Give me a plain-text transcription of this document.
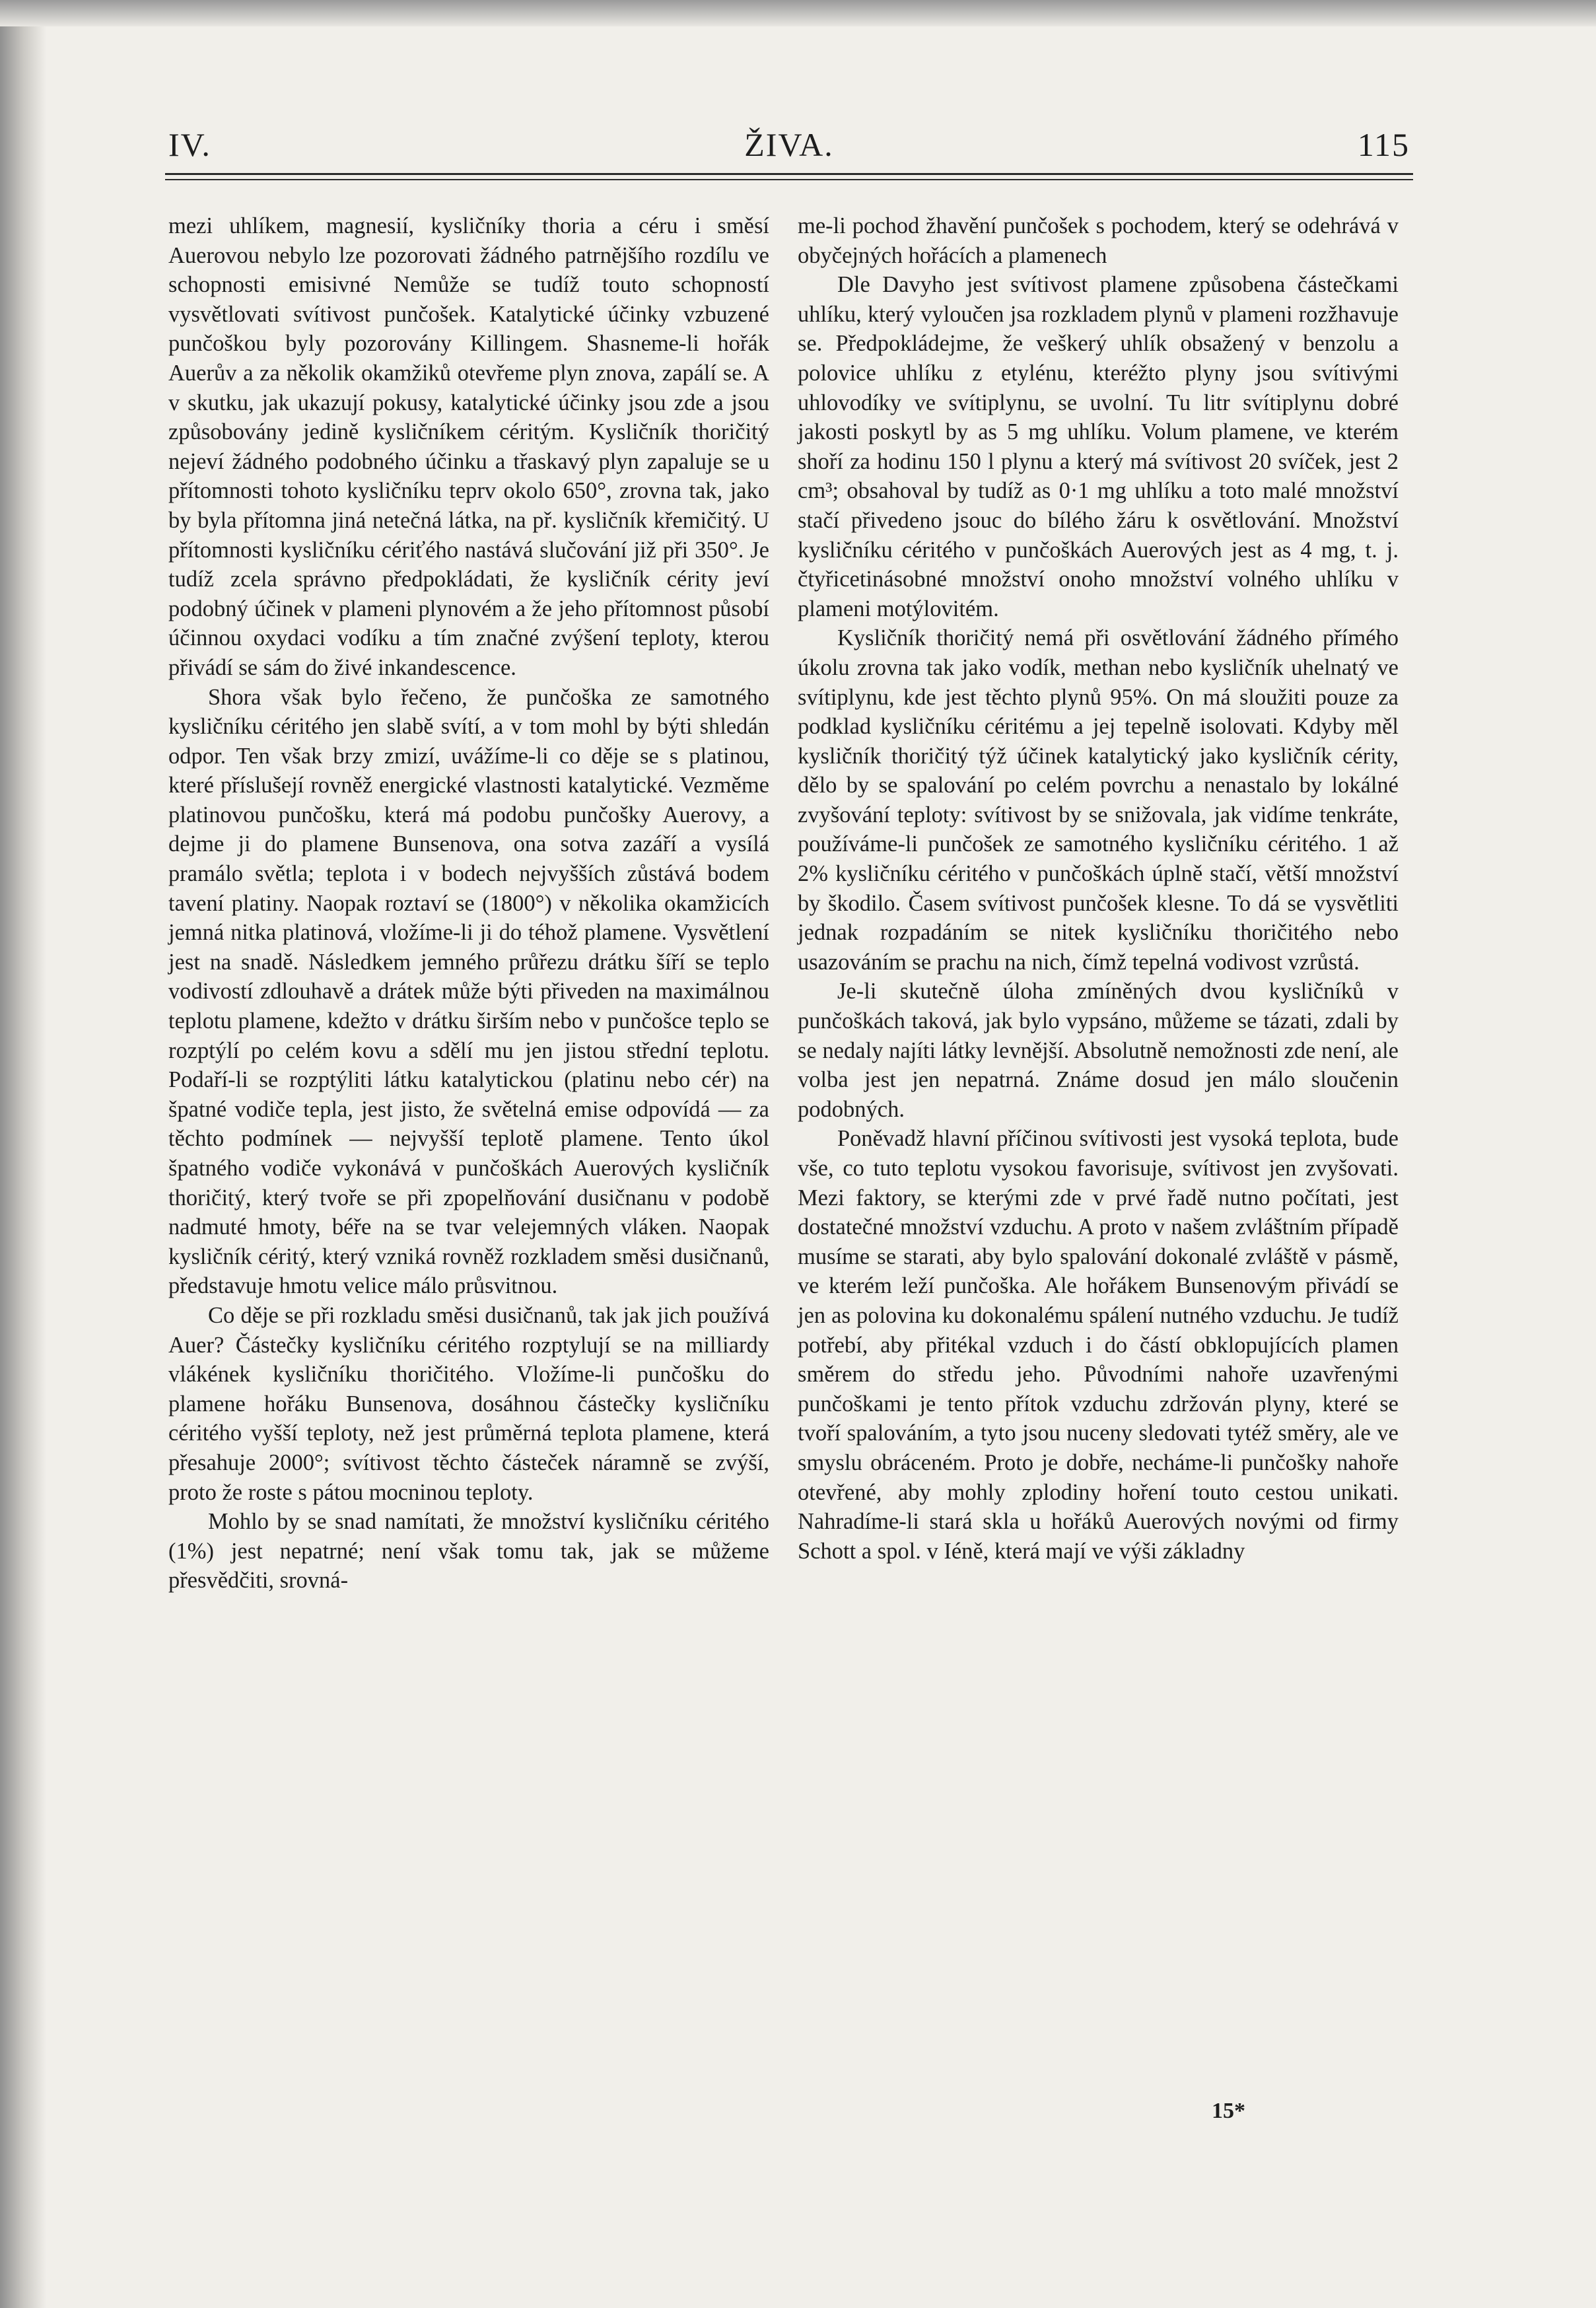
IV.	ŽIVA.	115

mezi uhlíkem, magnesií, kysličníky thoria a céru i směsí Auerovou nebylo lze pozorovati žádného patrnějšího rozdílu ve schopnosti emisivné Nemůže se tudíž touto schopností vysvětlovati svítivost punčošek. Katalytické účinky vzbuzené punčoškou byly pozorovány Killingem. Shasneme-li hořák Auerův a za několik okamžiků otevřeme plyn znova, zapálí se. A v skutku, jak ukazují pokusy, katalytické účinky jsou zde a jsou způsobovány jedině kysličníkem céritým. Kysličník thoričitý nejeví žádného podobného účinku a třaskavý plyn zapaluje se u přítomnosti tohoto kysličníku teprv okolo 650°, zrovna tak, jako by byla přítomna jiná netečná látka, na př. kysličník křemičitý. U přítomnosti kysličníku cériťého nastává slučování již při 350°. Je tudíž zcela správno předpokládati, že kysličník cérity jeví podobný účinek v plameni plynovém a že jeho přítomnost působí účinnou oxydaci vodíku a tím značné zvýšení teploty, kterou přivádí se sám do živé inkandescence.

Shora však bylo řečeno, že punčoška ze samotného kysličníku céritého jen slabě svítí, a v tom mohl by býti shledán odpor. Ten však brzy zmizí, uvážíme-li co děje se s platinou, které příslušejí rovněž energické vlastnosti katalytické. Vezměme platinovou punčošku, která má podobu punčošky Auerovy, a dejme ji do plamene Bunsenova, ona sotva zazáří a vysílá pramálo světla; teplota i v bodech nejvyšších zůstává bodem tavení platiny. Naopak roztaví se (1800°) v několika okamžicích jemná nitka platinová, vložíme-li ji do téhož plamene. Vysvětlení jest na snadě. Následkem jemného průřezu drátku šíří se teplo vodivostí zdlouhavě a drátek může býti přiveden na maximálnou teplotu plamene, kdežto v drátku širším nebo v punčošce teplo se rozptýlí po celém kovu a sdělí mu jen jistou střední teplotu. Podaří-li se rozptýliti látku katalytickou (platinu nebo cér) na špatné vodiče tepla, jest jisto, že světelná emise odpovídá — za těchto podmínek — nejvyšší teplotě plamene. Tento úkol špatného vodiče vykonává v punčoškách Auerových kysličník thoričitý, který tvoře se při zpopelňování dusičnanu v podobě nadmuté hmoty, béře na se tvar velejemných vláken. Naopak kysličník céritý, který vzniká rovněž rozkladem směsi dusičnanů, představuje hmotu velice málo průsvitnou.

Co děje se při rozkladu směsi dusičnanů, tak jak jich používá Auer? Částečky kysličníku céritého rozptylují se na milliardy vlákének kysličníku thoričitého. Vložíme-li punčošku do plamene hořáku Bunsenova, dosáhnou částečky kysličníku céritého vyšší teploty, než jest průměrná teplota plamene, která přesahuje 2000°; svítivost těchto částeček náramně se zvýší, proto že roste s pátou mocninou teploty.

Mohlo by se snad namítati, že množství kysličníku céritého (1%) jest nepatrné; není však tomu tak, jak se můžeme přesvědčiti, srovná-

me-li pochod žhavění punčošek s pochodem, který se odehrává v obyčejných hořácích a plamenech

Dle Davyho jest svítivost plamene způsobena částečkami uhlíku, který vyloučen jsa rozkladem plynů v plameni rozžhavuje se. Předpokládejme, že veškerý uhlík obsažený v benzolu a polovice uhlíku z etylénu, kteréžto plyny jsou svítivými uhlovodíky ve svítiplynu, se uvolní. Tu litr svítiplynu dobré jakosti poskytl by as 5 mg uhlíku. Volum plamene, ve kterém shoří za hodinu 150 l plynu a který má svítivost 20 svíček, jest 2 cm³; obsahoval by tudíž as 0·1 mg uhlíku a toto malé množství stačí přivedeno jsouc do bílého žáru k osvětlování. Množství kysličníku céritého v punčoškách Auerových jest as 4 mg, t. j. čtyřicetinásobné množství onoho množství volného uhlíku v plameni motýlovitém.

Kysličník thoričitý nemá při osvětlování žádného přímého úkolu zrovna tak jako vodík, methan nebo kysličník uhelnatý ve svítiplynu, kde jest těchto plynů 95%. On má sloužiti pouze za podklad kysličníku céritému a jej tepelně isolovati. Kdyby měl kysličník thoričitý týž účinek katalytický jako kysličník cérity, dělo by se spalování po celém povrchu a nenastalo by lokálné zvyšování teploty: svítivost by se snižovala, jak vidíme tenkráte, používáme-li punčošek ze samotného kysličníku céritého. 1 až 2% kysličníku céritého v punčoškách úplně stačí, větší množství by škodilo. Časem svítivost punčošek klesne. To dá se vysvětliti jednak rozpadáním se nitek kysličníku thoričitého nebo usazováním se prachu na nich, čímž tepelná vodivost vzrůstá.

Je-li skutečně úloha zmíněných dvou kysličníků v punčoškách taková, jak bylo vypsáno, můžeme se tázati, zdali by se nedaly najíti látky levnější. Absolutně nemožnosti zde není, ale volba jest jen nepatrná. Známe dosud jen málo sloučenin podobných.

Poněvadž hlavní příčinou svítivosti jest vysoká teplota, bude vše, co tuto teplotu vysokou favorisuje, svítivost jen zvyšovati. Mezi faktory, se kterými zde v prvé řadě nutno počítati, jest dostatečné množství vzduchu. A proto v našem zvláštním případě musíme se starati, aby bylo spalování dokonalé zvláště v pásmě, ve kterém leží punčoška. Ale hořákem Bunsenovým přivádí se jen as polovina ku dokonalému spálení nutného vzduchu. Je tudíž potřebí, aby přitékal vzduch i do částí obklopujících plamen směrem do středu jeho. Původními nahoře uzavřenými punčoškami je tento přítok vzduchu zdržován plyny, které se tvoří spalováním, a tyto jsou nuceny sledovati tytéž směry, ale ve smyslu obráceném. Proto je dobře, necháme-li punčošky nahoře otevřené, aby mohly zplodiny hoření touto cestou unikati. Nahradíme-li stará skla u hořáků Auerových novými od firmy Schott a spol. v Iéně, která mají ve výši základny

15*
